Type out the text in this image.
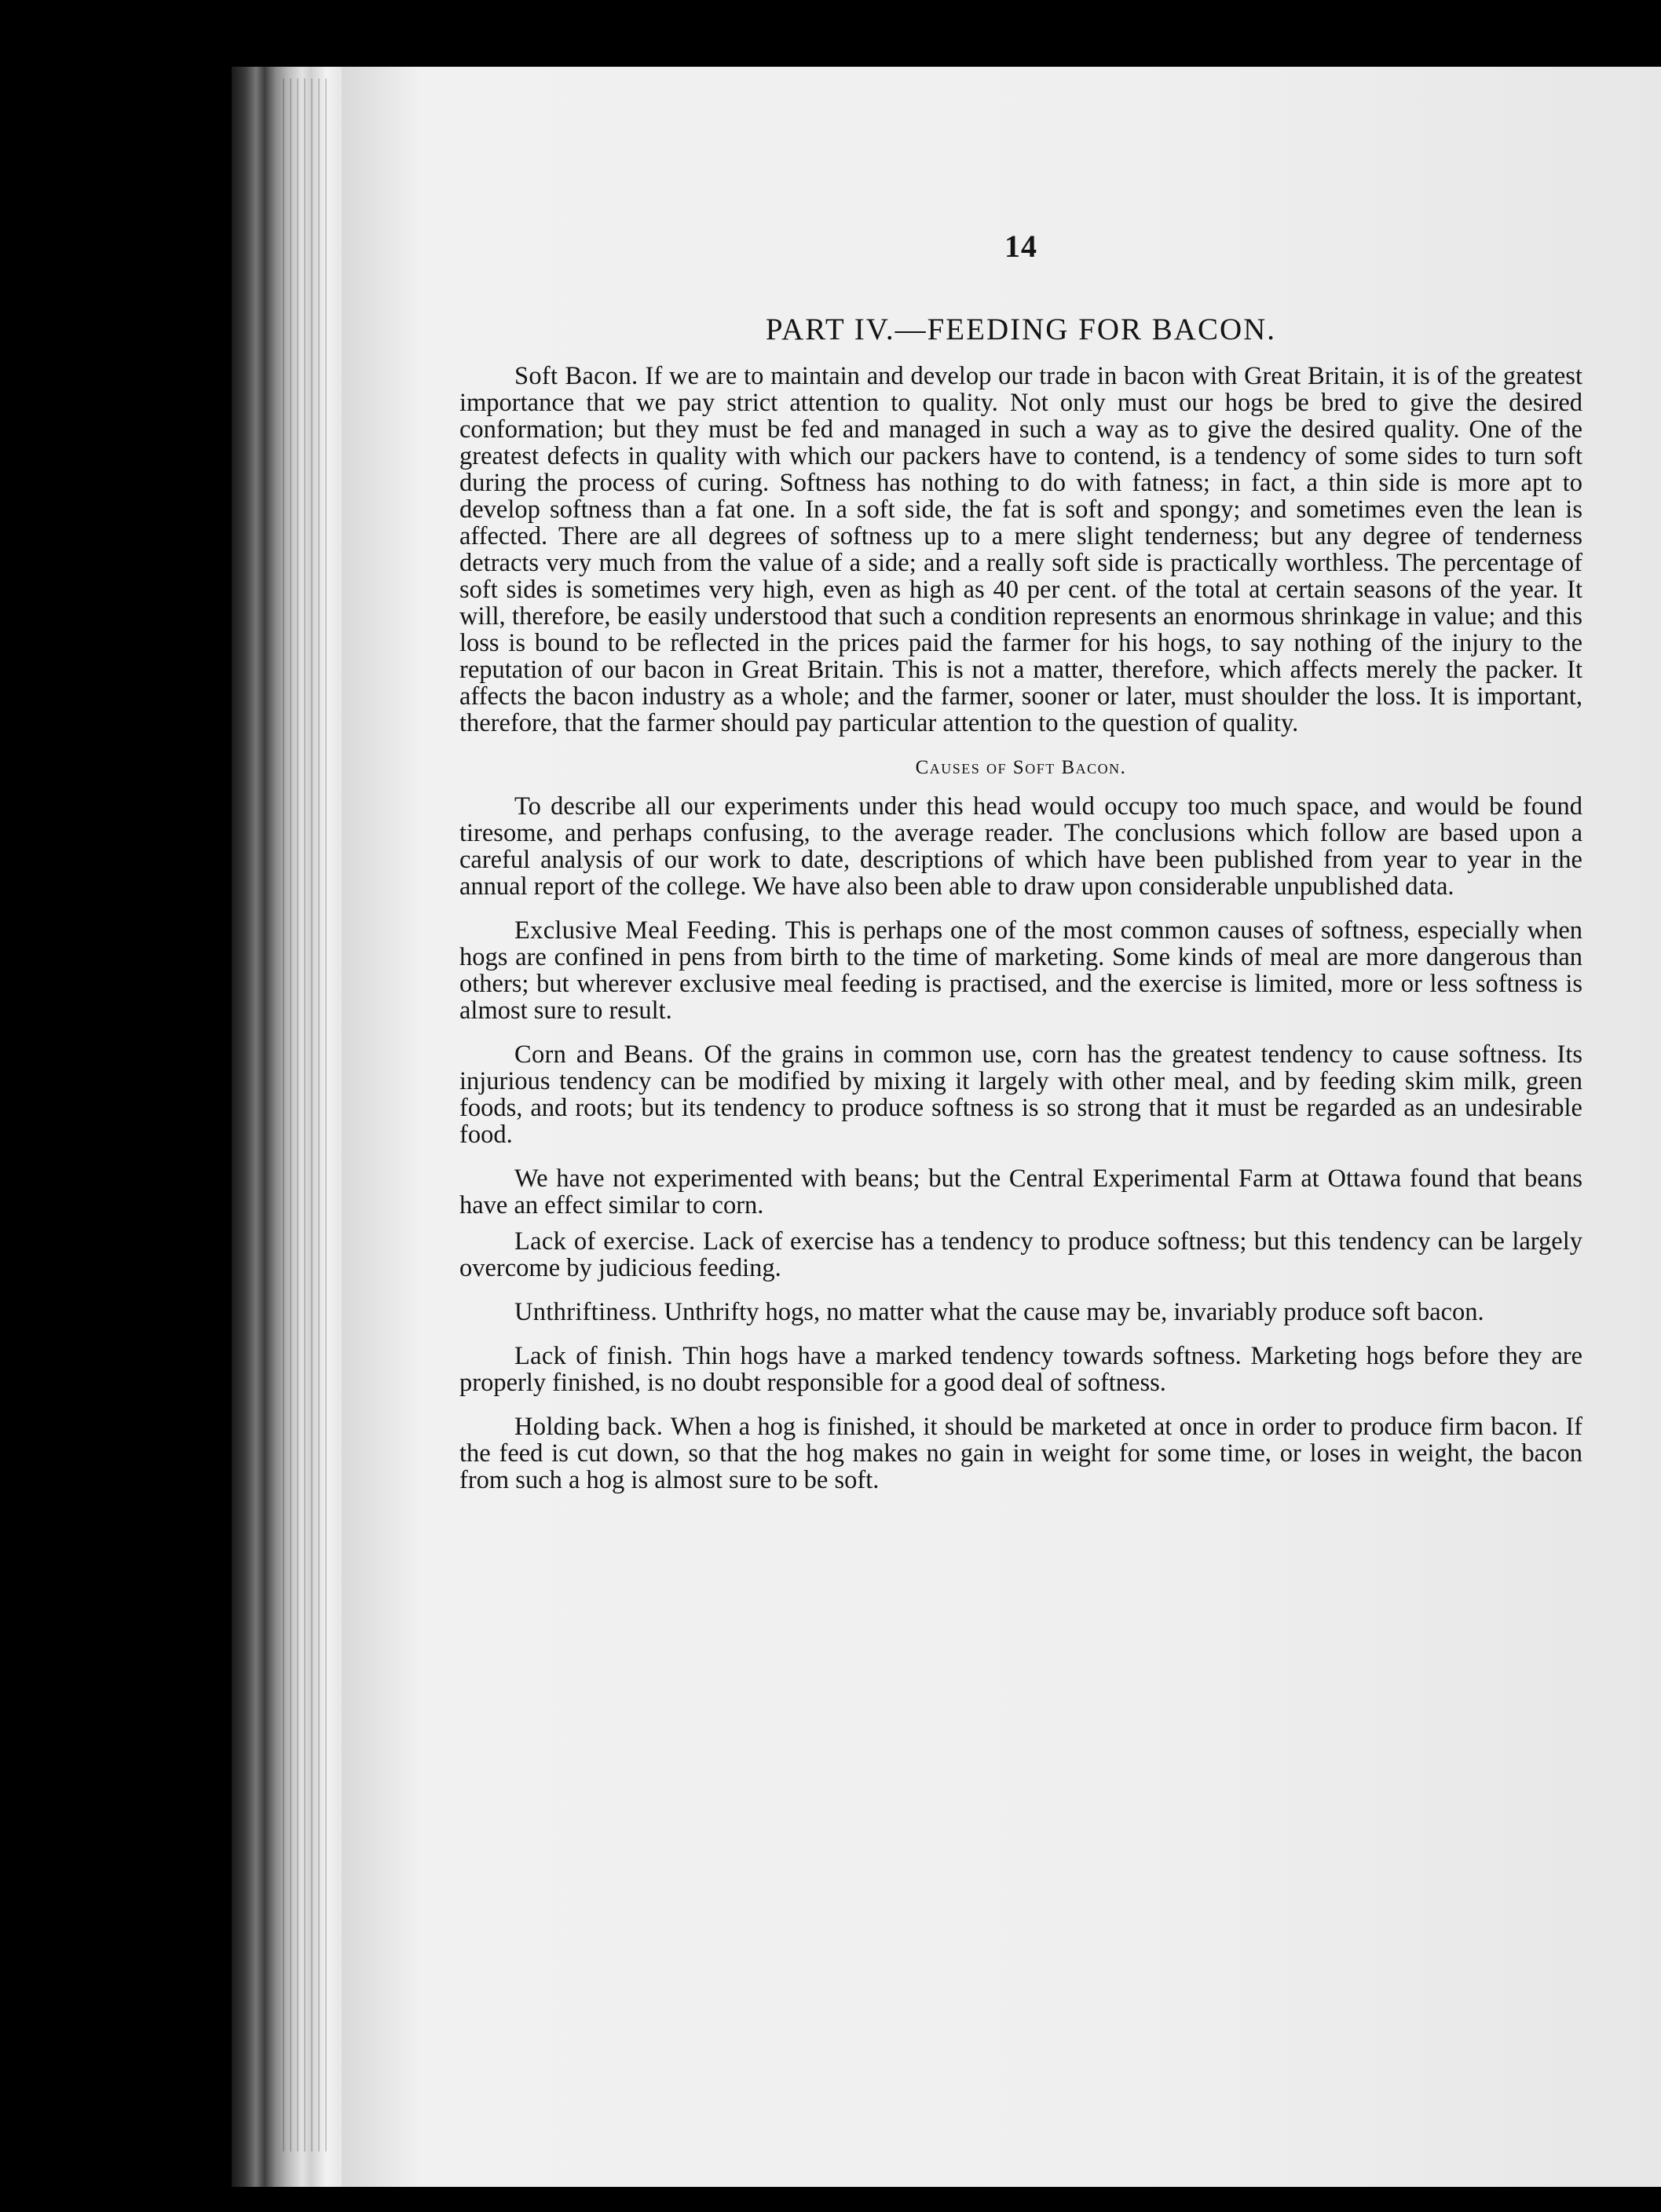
14
PART IV.—FEEDING FOR BACON.

Soft Bacon. If we are to maintain and develop our trade in bacon with Great Britain, it is of the greatest importance that we pay strict attention to quality. Not only must our hogs be bred to give the desired conformation; but they must be fed and managed in such a way as to give the desired quality. One of the greatest defects in quality with which our packers have to contend, is a tendency of some sides to turn soft during the process of curing. Softness has nothing to do with fatness; in fact, a thin side is more apt to develop softness than a fat one. In a soft side, the fat is soft and spongy; and sometimes even the lean is affected. There are all degrees of softness up to a mere slight tenderness; but any degree of tenderness detracts very much from the value of a side; and a really soft side is practically worthless. The percentage of soft sides is sometimes very high, even as high as 40 per cent. of the total at certain seasons of the year. It will, therefore, be easily understood that such a condition represents an enormous shrinkage in value; and this loss is bound to be reflected in the prices paid the farmer for his hogs, to say nothing of the injury to the reputation of our bacon in Great Britain. This is not a matter, therefore, which affects merely the packer. It affects the bacon industry as a whole; and the farmer, sooner or later, must shoulder the loss. It is important, therefore, that the farmer should pay particular attention to the question of quality.

Causes of Soft Bacon.

To describe all our experiments under this head would occupy too much space, and would be found tiresome, and perhaps confusing, to the average reader. The conclusions which follow are based upon a careful analysis of our work to date, descriptions of which have been published from year to year in the annual report of the college. We have also been able to draw upon considerable unpublished data.

Exclusive Meal Feeding. This is perhaps one of the most common causes of softness, especially when hogs are confined in pens from birth to the time of marketing. Some kinds of meal are more dangerous than others; but wherever exclusive meal feeding is practised, and the exercise is limited, more or less softness is almost sure to result.

Corn and Beans. Of the grains in common use, corn has the greatest tendency to cause softness. Its injurious tendency can be modified by mixing it largely with other meal, and by feeding skim milk, green foods, and roots; but its tendency to produce softness is so strong that it must be regarded as an undesirable food.

We have not experimented with beans; but the Central Experimental Farm at Ottawa found that beans have an effect similar to corn.

Lack of exercise. Lack of exercise has a tendency to produce softness; but this tendency can be largely overcome by judicious feeding.

Unthriftiness. Unthrifty hogs, no matter what the cause may be, invariably produce soft bacon.

Lack of finish. Thin hogs have a marked tendency towards softness. Marketing hogs before they are properly finished, is no doubt responsible for a good deal of softness.

Holding back. When a hog is finished, it should be marketed at once in order to produce firm bacon. If the feed is cut down, so that the hog makes no gain in weight for some time, or loses in weight, the bacon from such a hog is almost sure to be soft.
